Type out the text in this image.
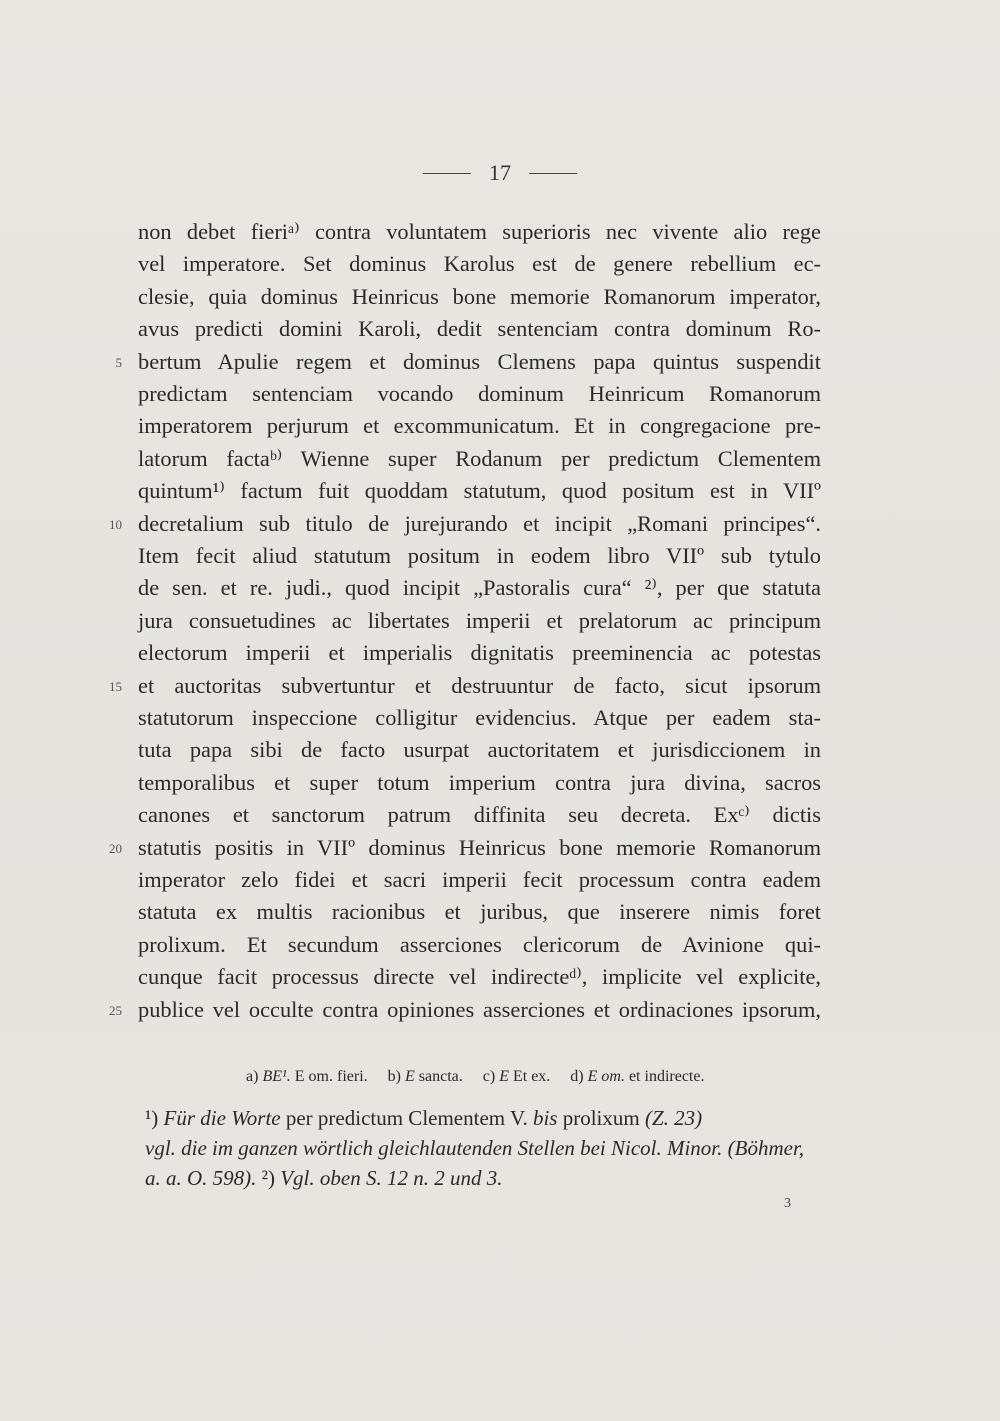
17
non debet fieriᵃ⁾ contra voluntatem superioris nec vivente alio rege
vel imperatore. Set dominus Karolus est de genere rebellium ec-
clesie, quia dominus Heinricus bone memorie Romanorum imperator,
avus predicti domini Karoli, dedit sentenciam contra dominum Ro-
bertum Apulie regem et dominus Clemens papa quintus suspendit
predictam sentenciam vocando dominum Heinricum Romanorum
imperatorem perjurum et excommunicatum. Et in congregacione pre-
latorum factaᵇ⁾ Wienne super Rodanum per predictum Clementem
quintum¹⁾ factum fuit quoddam statutum, quod positum est in VIIº
decretalium sub titulo de jurejurando et incipit „Romani principes“.
Item fecit aliud statutum positum in eodem libro VIIº sub tytulo
de sen. et re. judi., quod incipit „Pastoralis cura“ ²⁾, per que statuta
jura consuetudines ac libertates imperii et prelatorum ac principum
electorum imperii et imperialis dignitatis preeminencia ac potestas
et auctoritas subvertuntur et destruuntur de facto, sicut ipsorum
statutorum inspeccione colligitur evidencius. Atque per eadem sta-
tuta papa sibi de facto usurpat auctoritatem et jurisdiccionem in
temporalibus et super totum imperium contra jura divina, sacros
canones et sanctorum patrum diffinita seu decreta. Exᶜ⁾ dictis
statutis positis in VIIº dominus Heinricus bone memorie Romanorum
imperator zelo fidei et sacri imperii fecit processum contra eadem
statuta ex multis racionibus et juribus, que inserere nimis foret
prolixum. Et secundum asserciones clericorum de Avinione qui-
cunque facit processus directe vel indirecteᵈ⁾, implicite vel explicite,
publice vel occulte contra opiniones asserciones et ordinaciones ipsorum,
5
10
15
20
25
a) BE¹. E om. fieri. b) E sancta. c) E Et ex. d) E om. et indirecte.
¹) Für die Worte per predictum Clementem V. bis prolixum (Z. 23)
vgl. die im ganzen wörtlich gleichlautenden Stellen bei Nicol. Minor. (Böhmer,
a. a. O. 598). ²) Vgl. oben S. 12 n. 2 und 3.
3
